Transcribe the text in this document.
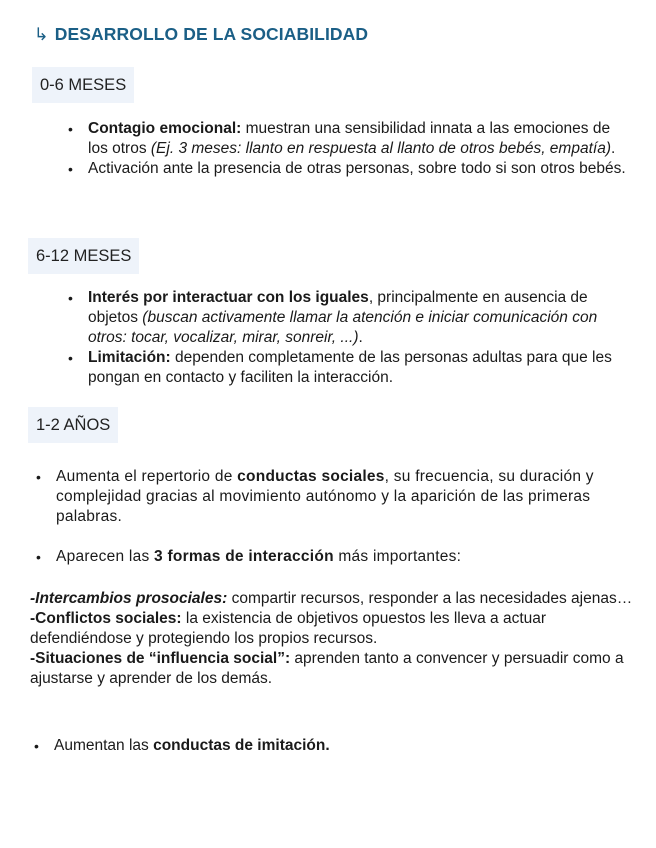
↳ DESARROLLO DE LA SOCIABILIDAD
0-6 MESES
• Contagio emocional: muestran una sensibilidad innata a las emociones de los otros (Ej. 3 meses: llanto en respuesta al llanto de otros bebés, empatía).
• Activación ante la presencia de otras personas, sobre todo si son otros bebés.
6-12 MESES
• Interés por interactuar con los iguales, principalmente en ausencia de objetos (buscan activamente llamar la atención e iniciar comunicación con otros: tocar, vocalizar, mirar, sonreir, ...).
• Limitación: dependen completamente de las personas adultas para que les pongan en contacto y faciliten la interacción.
1-2 AÑOS
• Aumenta el repertorio de conductas sociales, su frecuencia, su duración y complejidad gracias al movimiento autónomo y la aparición de las primeras palabras.
• Aparecen las 3 formas de interacción más importantes:
-Intercambios prosociales: compartir recursos, responder a las necesidades ajenas…
-Conflictos sociales: la existencia de objetivos opuestos les lleva a actuar defendiéndose y protegiendo los propios recursos.
-Situaciones de “influencia social”: aprenden tanto a convencer y persuadir como a ajustarse y aprender de los demás.
• Aumentan las conductas de imitación.
